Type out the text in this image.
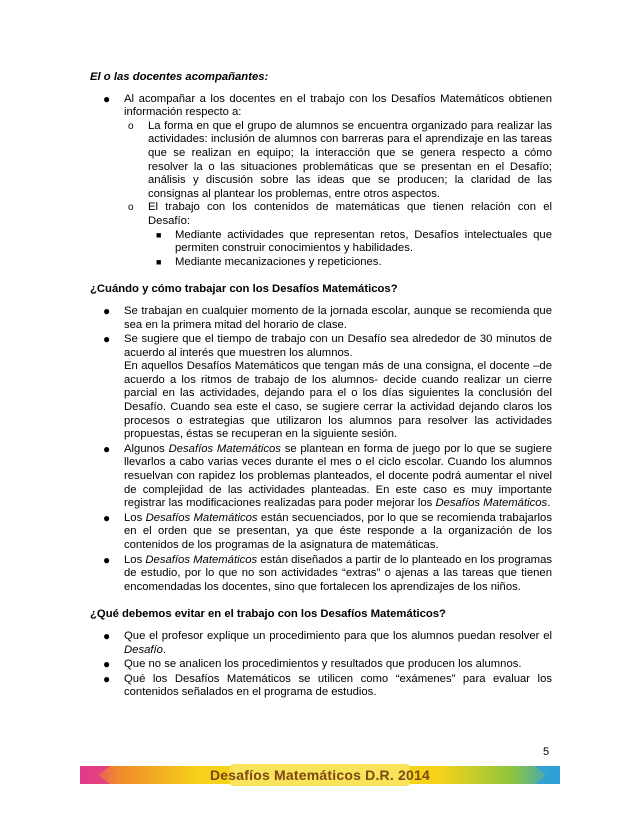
El o las docentes acompañantes:
● Al acompañar a los docentes en el trabajo con los Desafíos Matemáticos obtienen información respecto a:
o La forma en que el grupo de alumnos se encuentra organizado para realizar las actividades: inclusión de alumnos con barreras para el aprendizaje en las tareas que se realizan en equipo; la interacción que se genera respecto a cómo resolver la o las situaciones problemáticas que se presentan en el Desafío; análisis y discusión sobre las ideas que se producen; la claridad de las consignas al plantear los problemas, entre otros aspectos.
o El trabajo con los contenidos de matemáticas que tienen relación con el Desafío:
■ Mediante actividades que representan retos, Desafíos intelectuales que permiten construir conocimientos y habilidades.
■ Mediante mecanizaciones y repeticiones.
¿Cuándo y cómo trabajar con los Desafíos Matemáticos?
● Se trabajan en cualquier momento de la jornada escolar, aunque se recomienda que sea en la primera mitad del horario de clase.
● Se sugiere que el tiempo de trabajo con un Desafío sea alrededor de 30 minutos de acuerdo al interés que muestren los alumnos.
En aquellos Desafíos Matemáticos que tengan más de una consigna, el docente –de acuerdo a los ritmos de trabajo de los alumnos- decide cuando realizar un cierre parcial en las actividades, dejando para el o los días siguientes la conclusión del Desafío. Cuando sea este el caso, se sugiere cerrar la actividad dejando claros los procesos o estrategias que utilizaron los alumnos para resolver las actividades propuestas, éstas se recuperan en la siguiente sesión.
● Algunos Desafíos Matemáticos se plantean en forma de juego por lo que se sugiere llevarlos a cabo varias veces durante el mes o el ciclo escolar. Cuando los alumnos resuelvan con rapidez los problemas planteados, el docente podrá aumentar el nivel de complejidad de las actividades planteadas. En este caso es muy importante registrar las modificaciones realizadas para poder mejorar los Desafíos Matemáticos.
● Los Desafíos Matemáticos están secuenciados, por lo que se recomienda trabajarlos en el orden que se presentan, ya que éste responde a la organización de los contenidos de los programas de la asignatura de matemáticas.
● Los Desafíos Matemáticos están diseñados a partir de lo planteado en los programas de estudio, por lo que no son actividades “extras” o ajenas a las tareas que tienen encomendadas los docentes, sino que fortalecen los aprendizajes de los niños.
¿Qué debemos evitar en el trabajo con los Desafíos Matemáticos?
● Que el profesor explique un procedimiento para que los alumnos puedan resolver el Desafío.
● Que no se analicen los procedimientos y resultados que producen los alumnos.
● Qué los Desafíos Matemáticos se utilicen como “exámenes” para evaluar los contenidos señalados en el programa de estudios.
5
Desafíos Matemáticos D.R. 2014
